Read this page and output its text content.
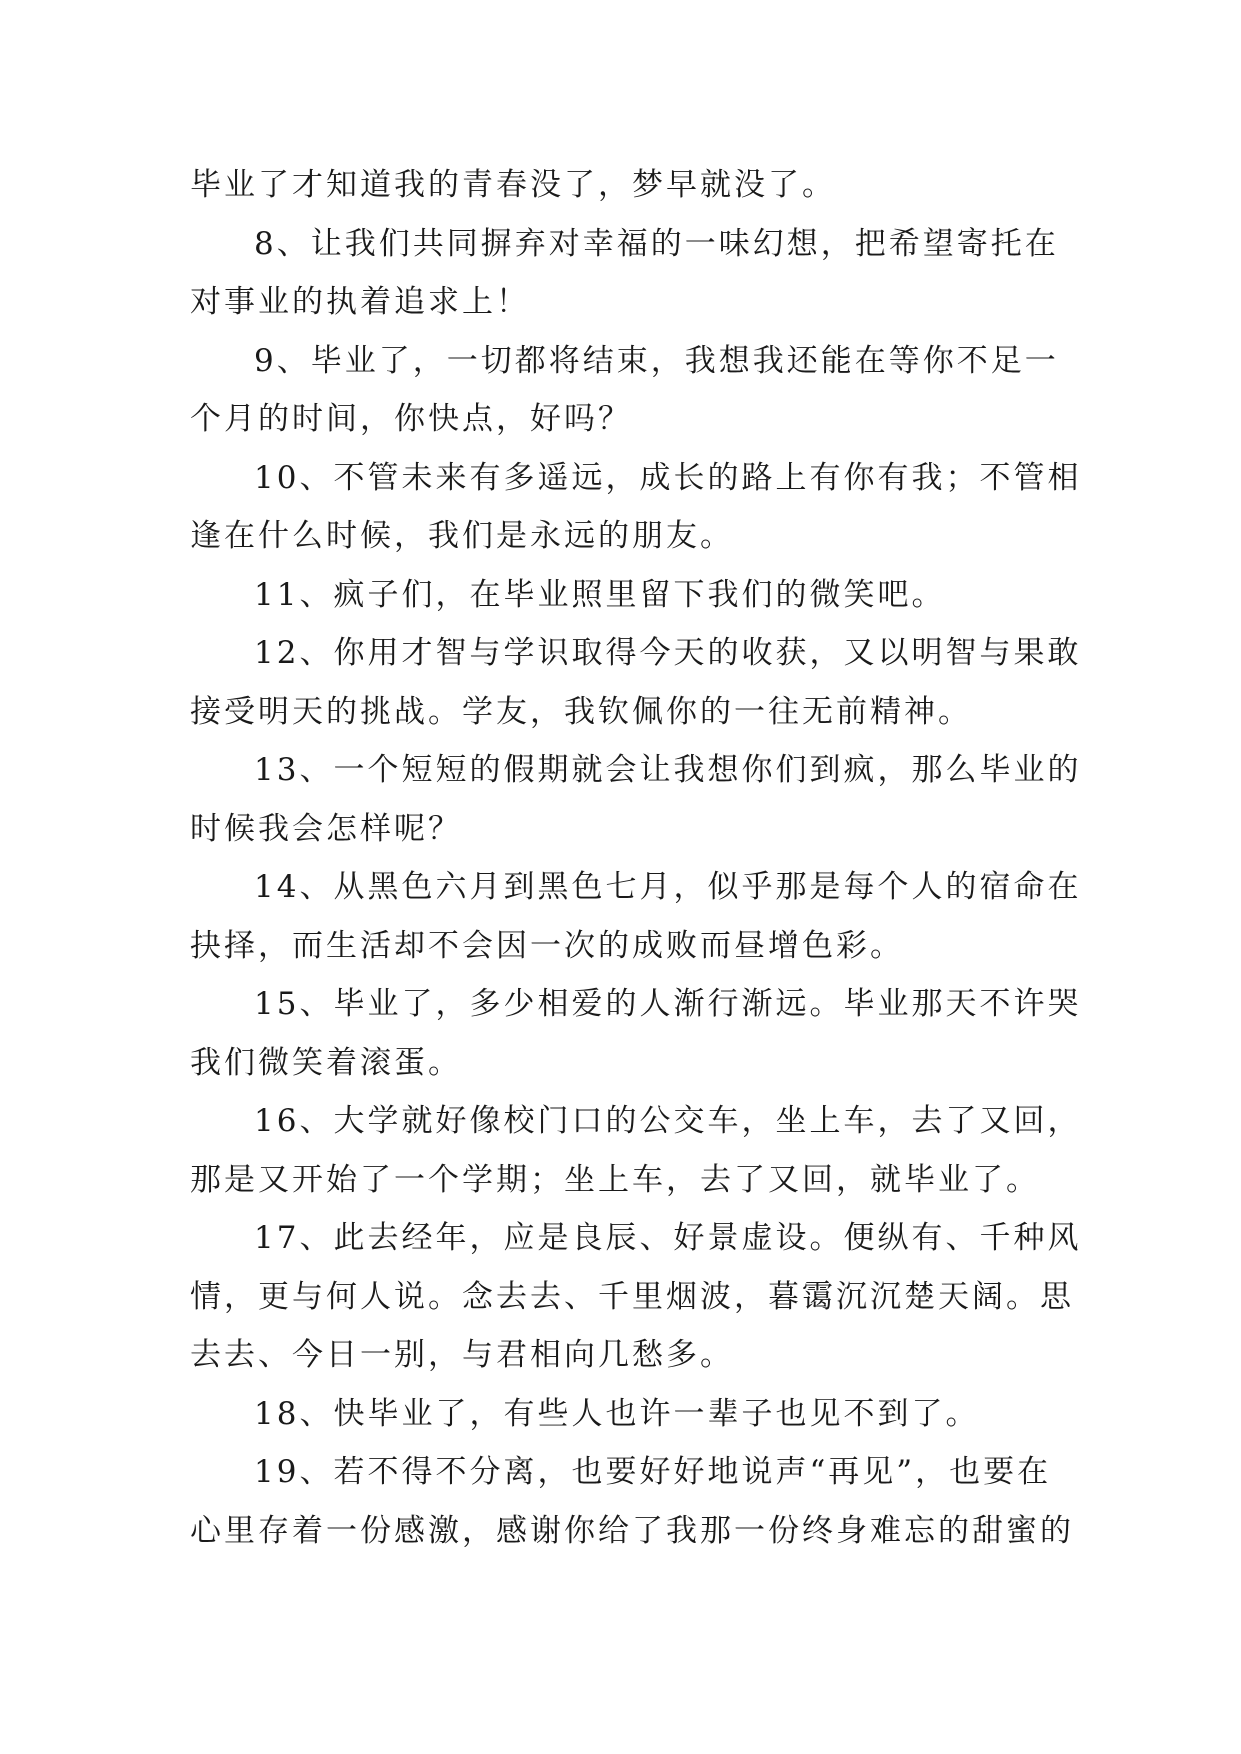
毕业了才知道我的青春没了，梦早就没了。
8、让我们共同摒弃对幸福的一味幻想，把希望寄托在
对事业的执着追求上！
9、毕业了，一切都将结束，我想我还能在等你不足一
个月的时间，你快点，好吗？
10、不管未来有多遥远，成长的路上有你有我；不管相
逢在什么时候，我们是永远的朋友。
11、疯子们，在毕业照里留下我们的微笑吧。
12、你用才智与学识取得今天的收获，又以明智与果敢
接受明天的挑战。学友，我钦佩你的一往无前精神。
13、一个短短的假期就会让我想你们到疯，那么毕业的
时候我会怎样呢？
14、从黑色六月到黑色七月，似乎那是每个人的宿命在
抉择，而生活却不会因一次的成败而昼增色彩。
15、毕业了，多少相爱的人渐行渐远。毕业那天不许哭
我们微笑着滚蛋。
16、大学就好像校门口的公交车，坐上车，去了又回，
那是又开始了一个学期；坐上车，去了又回，就毕业了。
17、此去经年，应是良辰、好景虚设。便纵有、千种风
情，更与何人说。念去去、千里烟波，暮霭沉沉楚天阔。思
去去、今日一别，与君相向几愁多。
18、快毕业了，有些人也许一辈子也见不到了。
19、若不得不分离，也要好好地说声“再见”，也要在
心里存着一份感激，感谢你给了我那一份终身难忘的甜蜜的
